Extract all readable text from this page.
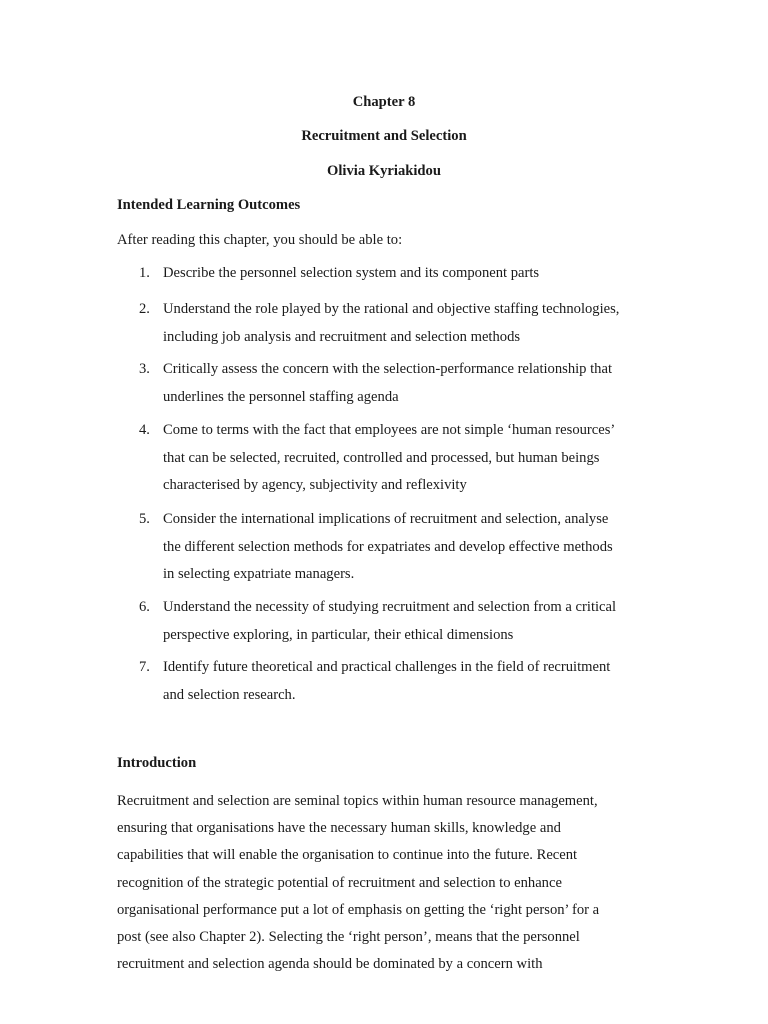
Chapter 8
Recruitment and Selection
Olivia Kyriakidou
Intended Learning Outcomes
After reading this chapter, you should be able to:
1. Describe the personnel selection system and its component parts
2. Understand the role played by the rational and objective staffing technologies,
including job analysis and recruitment and selection methods
3. Critically assess the concern with the selection-performance relationship that
underlines the personnel staffing agenda
4. Come to terms with the fact that employees are not simple ‘human resources’
that can be selected, recruited, controlled and processed, but human beings
characterised by agency, subjectivity and reflexivity
5. Consider the international implications of recruitment and selection, analyse
the different selection methods for expatriates and develop effective methods
in selecting expatriate managers.
6. Understand the necessity of studying recruitment and selection from a critical
perspective exploring, in particular, their ethical dimensions
7. Identify future theoretical and practical challenges in the field of recruitment
and selection research.
Introduction
Recruitment and selection are seminal topics within human resource management,
ensuring that organisations have the necessary human skills, knowledge and
capabilities that will enable the organisation to continue into the future. Recent
recognition of the strategic potential of recruitment and selection to enhance
organisational performance put a lot of emphasis on getting the ‘right person’ for a
post (see also Chapter 2). Selecting the ‘right person’, means that the personnel
recruitment and selection agenda should be dominated by a concern with
